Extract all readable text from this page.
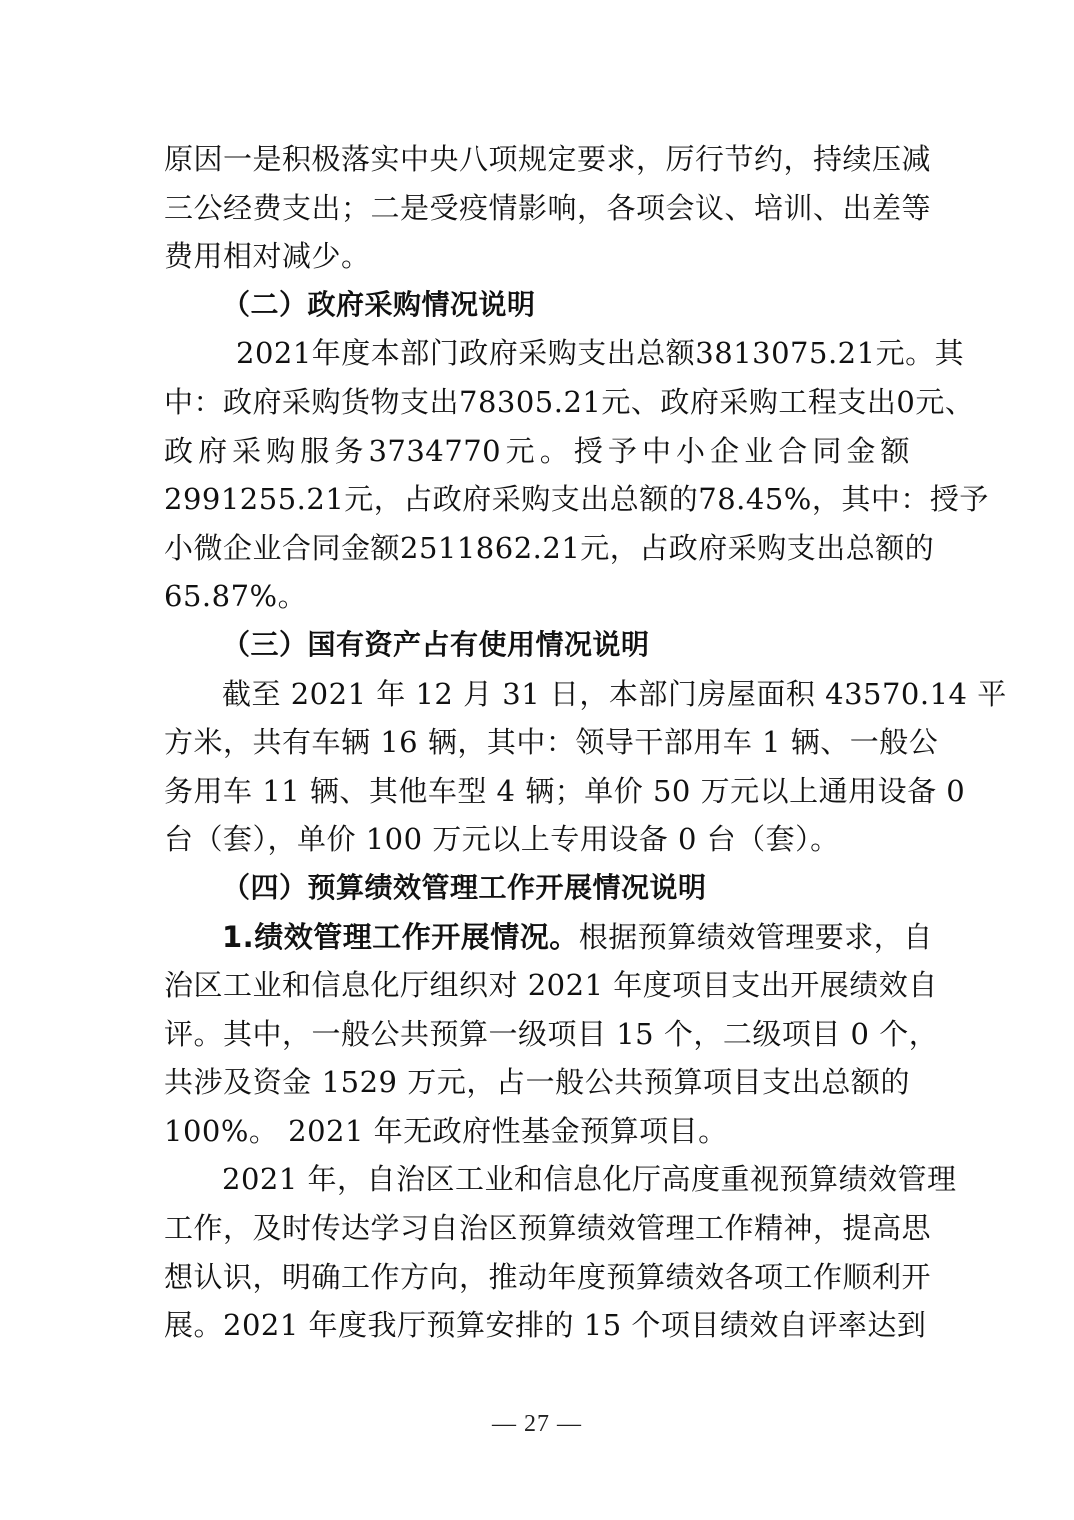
原因一是积极落实中央八项规定要求，厉行节约，持续压减
三公经费支出；二是受疫情影响，各项会议、培训、出差等
费用相对减少。
（二）政府采购情况说明
2021年度本部门政府采购支出总额3813075.21元。其
中：政府采购货物支出78305.21元、政府采购工程支出0元、
政府采购服务3734770元。授予中小企业合同金额
2991255.21元，占政府采购支出总额的78.45%，其中：授予
小微企业合同金额2511862.21元，占政府采购支出总额的
65.87%。
（三）国有资产占有使用情况说明
截至 2021 年 12 月 31 日，本部门房屋面积 43570.14 平
方米，共有车辆 16 辆，其中：领导干部用车 1 辆、一般公
务用车 11 辆、其他车型 4 辆；单价 50 万元以上通用设备 0
台（套），单价 100 万元以上专用设备 0 台（套）。
（四）预算绩效管理工作开展情况说明
1.绩效管理工作开展情况。根据预算绩效管理要求，自
治区工业和信息化厅组织对 2021 年度项目支出开展绩效自
评。其中，一般公共预算一级项目 15 个，二级项目 0 个，
共涉及资金 1529 万元，占一般公共预算项目支出总额的
100%。 2021 年无政府性基金预算项目。
2021 年，自治区工业和信息化厅高度重视预算绩效管理
工作，及时传达学习自治区预算绩效管理工作精神，提高思
想认识，明确工作方向，推动年度预算绩效各项工作顺利开
展。2021 年度我厅预算安排的 15 个项目绩效自评率达到
— 27 —
